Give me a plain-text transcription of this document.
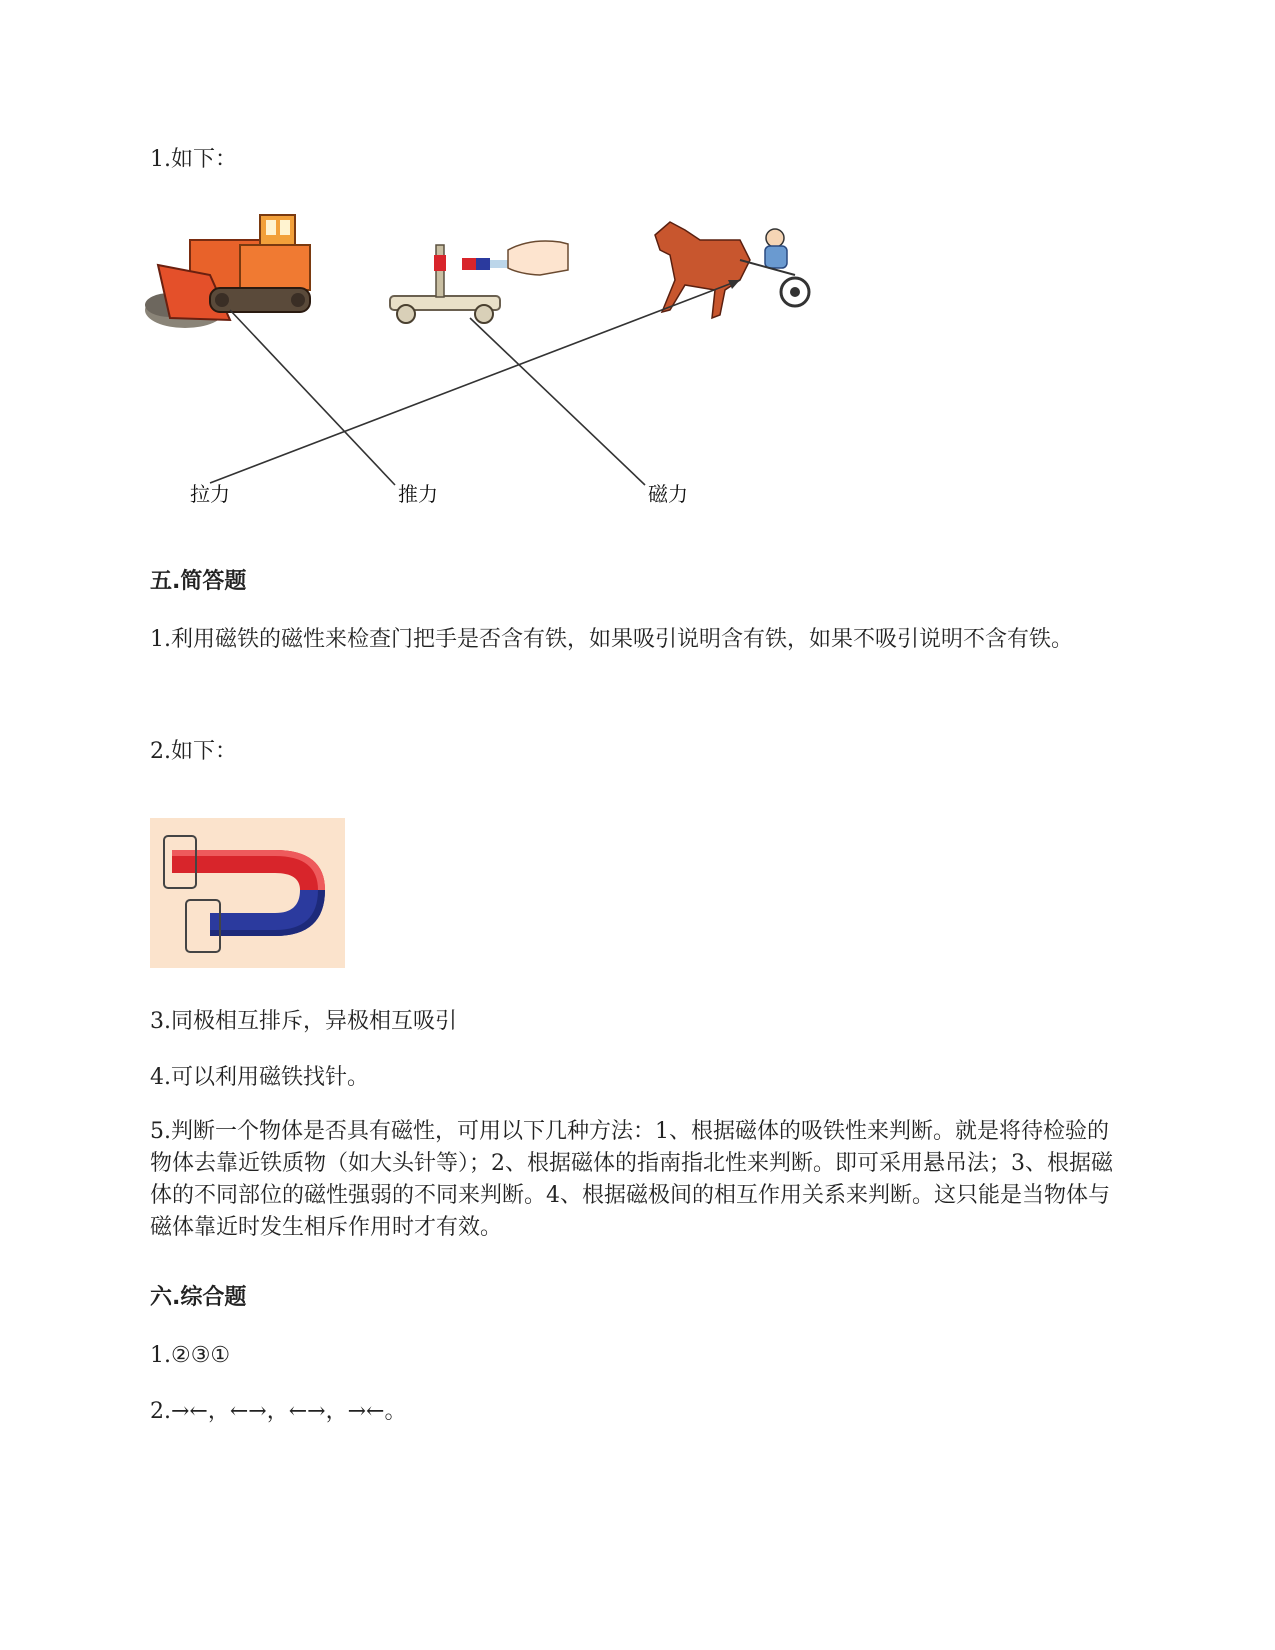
1.如下：
拉力	推力	磁力
五.简答题
1.利用磁铁的磁性来检查门把手是否含有铁，如果吸引说明含有铁，如果不吸引说明不含有铁。
2.如下：
3.同极相互排斥，异极相互吸引
4.可以利用磁铁找针。
5.判断一个物体是否具有磁性，可用以下几种方法：1、根据磁体的吸铁性来判断。就是将待检验的物体去靠近铁质物（如大头针等）；2、根据磁体的指南指北性来判断。即可采用悬吊法；3、根据磁体的不同部位的磁性强弱的不同来判断。4、根据磁极间的相互作用关系来判断。这只能是当物体与磁体靠近时发生相斥作用时才有效。
六.综合题
1.②③①
2.→←，←→，←→，→←。
